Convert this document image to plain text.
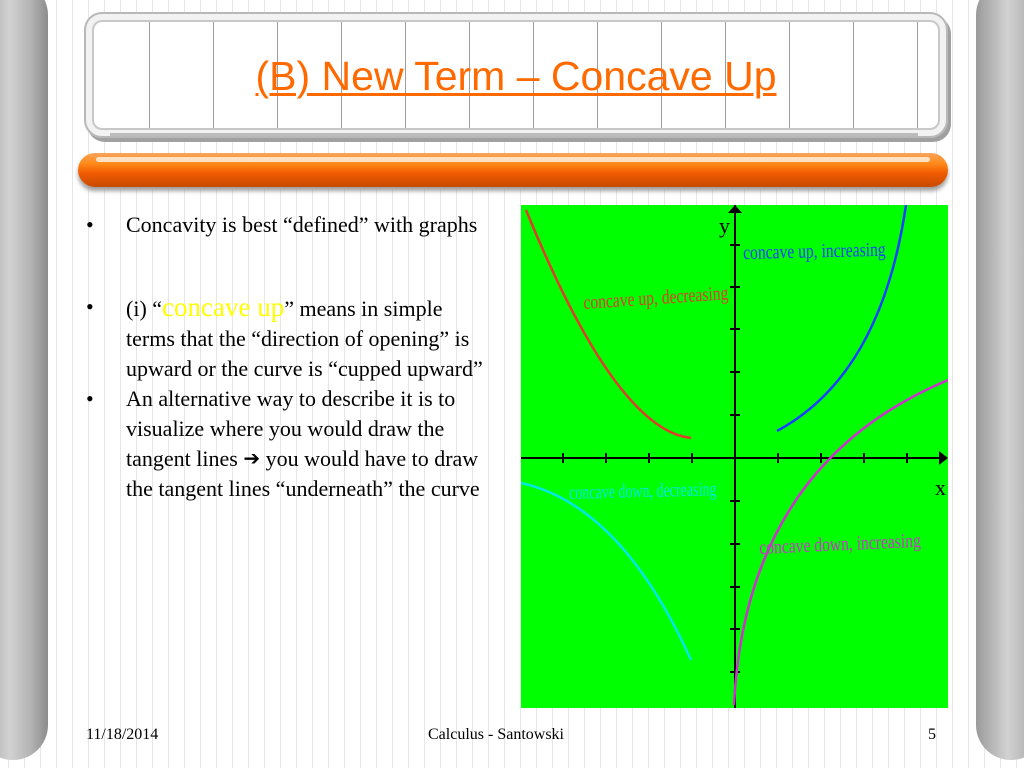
(B) New Term – Concave Up
• Concavity is best “defined” with graphs
• (i) “concave up” means in simple terms that the “direction of opening” is upward or the curve is “cupped upward”
• An alternative way to describe it is to visualize where you would draw the tangent lines ➔ you would have to draw the tangent lines “underneath” the curve
y
x
concave up, increasing
concave up, decreasing
concave down, decreasing
concave down, increasing
11/18/2014	Calculus - Santowski	5
